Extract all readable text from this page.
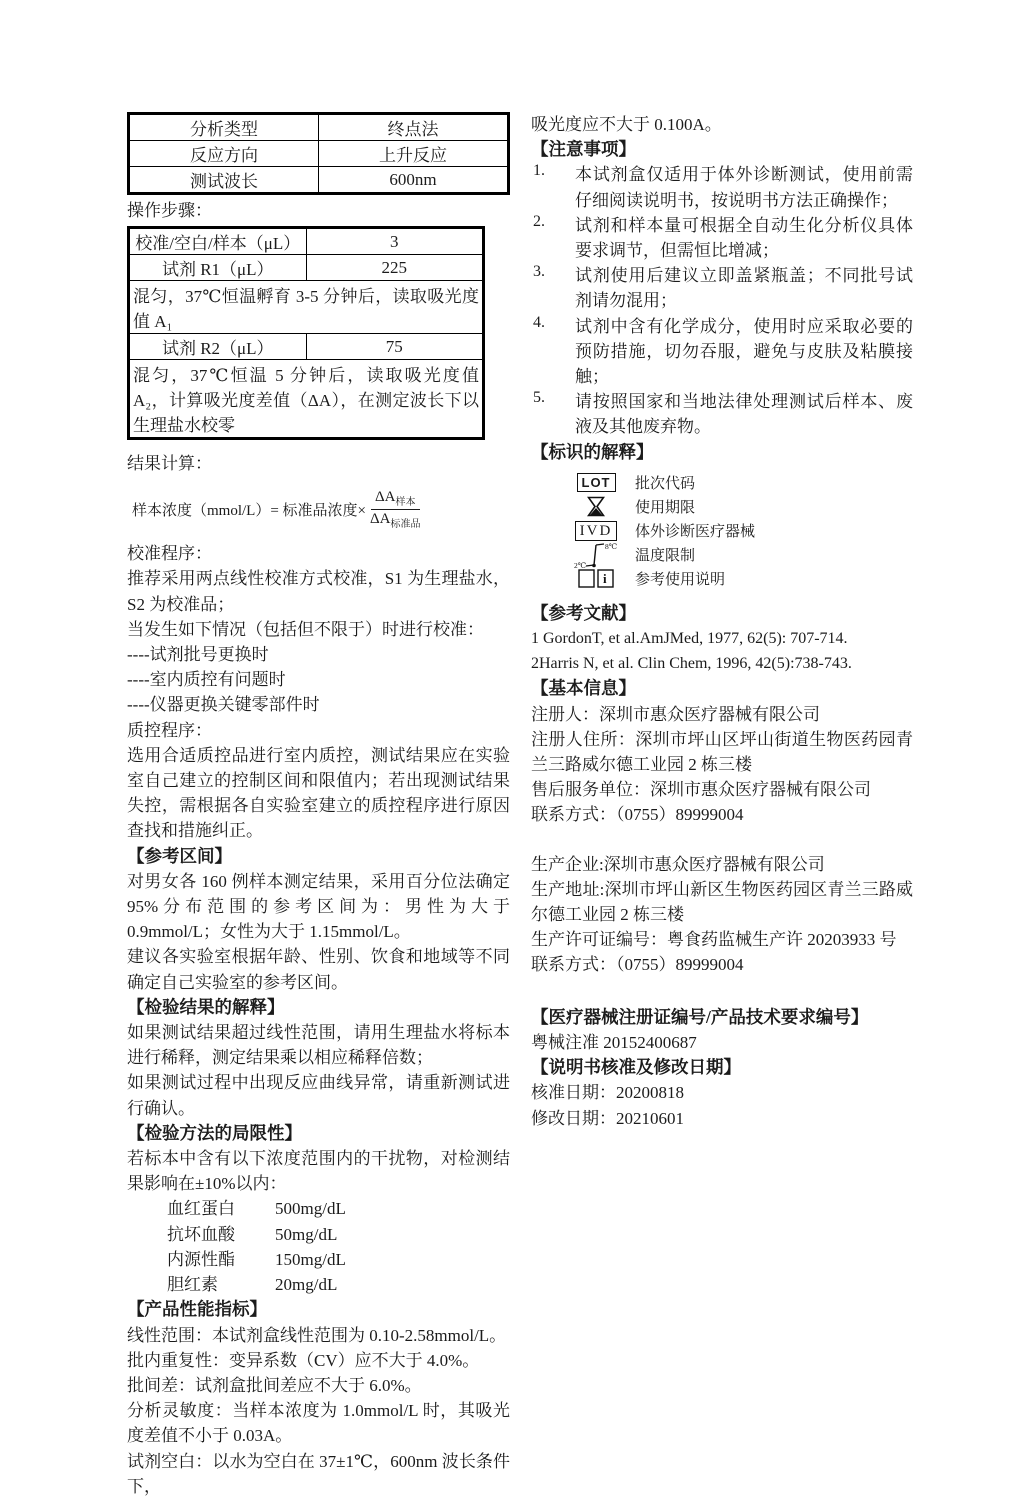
分析类型	终点法
反应方向	上升反应
测试波长	600nm

操作步骤：

校准/空白/样本（μL）	3
试剂 R1（μL）	225
混匀，37℃恒温孵育 3-5 分钟后，读取吸光度值 A₁	
试剂 R2（μL）	75
混匀，37℃恒温 5 分钟后，读取吸光度值 A₂，计算吸光度差值（ΔA），在测定波长下以生理盐水校零	

结果计算：

样本浓度（mmol/L）= 标准品浓度× $\frac{\Delta A_{样本}}{\Delta A_{标准品}}$

校准程序：

推荐采用两点线性校准方式校准，S1 为生理盐水，S2 为校准品；

当发生如下情况（包括但不限于）时进行校准：

----试剂批号更换时

----室内质控有问题时

----仪器更换关键零部件时

质控程序：

选用合适质控品进行室内质控，测试结果应在实验室自己建立的控制区间和限值内；若出现测试结果失控，需根据各自实验室建立的质控程序进行原因查找和措施纠正。

【参考区间】

对男女各 160 例样本测定结果，采用百分位法确定95%分布范围的参考区间为：男性为大于 0.9mmol/L；女性为大于 1.15mmol/L。

建议各实验室根据年龄、性别、饮食和地域等不同确定自己实验室的参考区间。

【检验结果的解释】

如果测试结果超过线性范围，请用生理盐水将标本进行稀释，测定结果乘以相应稀释倍数；

如果测试过程中出现反应曲线异常，请重新测试进行确认。

【检验方法的局限性】

若标本中含有以下浓度范围内的干扰物，对检测结果影响在±10%以内：

血红蛋白	500mg/dL
抗坏血酸	50mg/dL
内源性酯	150mg/dL
胆红素	20mg/dL
【产品性能指标】

线性范围：本试剂盒线性范围为 0.10-2.58mmol/L。

批内重复性：变异系数（CV）应不大于 4.0%。

批间差：试剂盒批间差应不大于 6.0%。

分析灵敏度：当样本浓度为 1.0mmol/L 时，其吸光度差值不小于 0.03A。

试剂空白：以水为空白在 37±1℃，600nm 波长条件下，

吸光度应不大于 0.100A。

【注意事项】
1.	本试剂盒仅适用于体外诊断测试，使用前需仔细阅读说明书，按说明书方法正确操作；

2.	试剂和样本量可根据全自动生化分析仪具体要求调节，但需恒比增减；

3.	试剂使用后建议立即盖紧瓶盖；不同批号试剂请勿混用；

4.	试剂中含有化学成分，使用时应采取必要的预防措施，切勿吞服，避免与皮肤及粘膜接触；

5.	请按照国家和当地法律处理测试后样本、废液及其他废弃物。

【标识的解释】
LOT	批次代码
使用期限
IVD	体外诊断医疗器械
8℃
2℃
温度限制
i 参考使用说明
【参考文献】

1 GordonT, et al.AmJMed, 1977, 62(5): 707-714.

2Harris N, et al. Clin Chem, 1996, 42(5):738-743.

【基本信息】

注册人：深圳市惠众医疗器械有限公司

注册人住所：深圳市坪山区坪山街道生物医药园青兰三路威尔德工业园 2 栋三楼

售后服务单位：深圳市惠众医疗器械有限公司

联系方式：（0755）89999004

生产企业:深圳市惠众医疗器械有限公司

生产地址:深圳市坪山新区生物医药园区青兰三路威尔德工业园 2 栋三楼

生产许可证编号：粤食药监械生产许 20203933 号

联系方式：（0755）89999004

【医疗器械注册证编号/产品技术要求编号】

粤械注准 20152400687

【说明书核准及修改日期】

核准日期：20200818

修改日期：20210601
